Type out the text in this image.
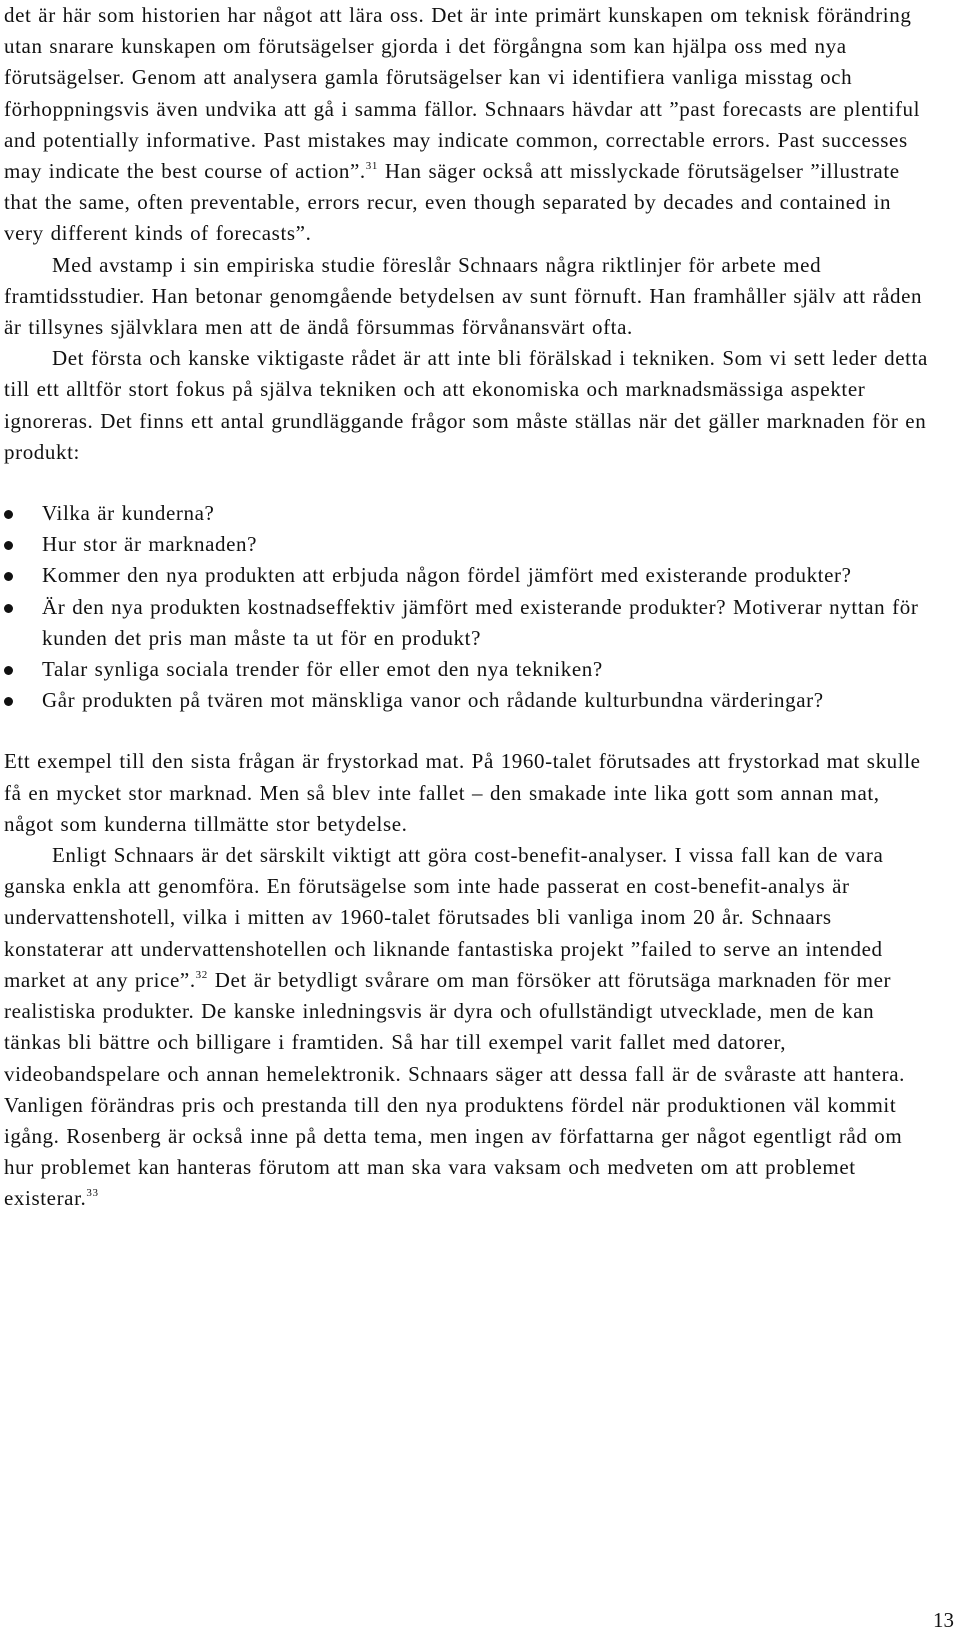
det är här som historien har något att lära oss. Det är inte primärt kunskapen om teknisk förändring utan snarare kunskapen om förutsägelser gjorda i det förgångna som kan hjälpa oss med nya förutsägelser. Genom att analysera gamla förutsägelser kan vi identifiera vanliga misstag och förhoppningsvis även undvika att gå i samma fällor. Schnaars hävdar att ”past forecasts are plentiful and potentially informative. Past mistakes may indicate common, correctable errors. Past successes may indicate the best course of action”.$^{31}$ Han säger också att misslyckade förutsägelser ”illustrate that the same, often preventable, errors recur, even though separated by decades and contained in very different kinds of forecasts”.

Med avstamp i sin empiriska studie föreslår Schnaars några riktlinjer för arbete med framtidsstudier. Han betonar genomgående betydelsen av sunt förnuft. Han framhåller själv att råden är tillsynes självklara men att de ändå försummas förvånansvärt ofta.

Det första och kanske viktigaste rådet är att inte bli förälskad i tekniken. Som vi sett leder detta till ett alltför stort fokus på själva tekniken och att ekonomiska och marknadsmässiga aspekter ignoreras. Det finns ett antal grundläggande frågor som måste ställas när det gäller marknaden för en produkt:

Vilka är kunderna?
Hur stor är marknaden?
Kommer den nya produkten att erbjuda någon fördel jämfört med existerande produkter?
Är den nya produkten kostnadseffektiv jämfört med existerande produkter? Motiverar nyttan för kunden det pris man måste ta ut för en produkt?
Talar synliga sociala trender för eller emot den nya tekniken?
Går produkten på tvären mot mänskliga vanor och rådande kulturbundna värderingar?

Ett exempel till den sista frågan är frystorkad mat. På 1960-talet förutsades att frystorkad mat skulle få en mycket stor marknad. Men så blev inte fallet – den smakade inte lika gott som annan mat, något som kunderna tillmätte stor betydelse.

Enligt Schnaars är det särskilt viktigt att göra cost-benefit-analyser. I vissa fall kan de vara ganska enkla att genomföra. En förutsägelse som inte hade passerat en cost-benefit-analys är undervattenshotell, vilka i mitten av 1960-talet förutsades bli vanliga inom 20 år. Schnaars konstaterar att undervattenshotellen och liknande fantastiska projekt ”failed to serve an intended market at any price”.$^{32}$ Det är betydligt svårare om man försöker att förutsäga marknaden för mer realistiska produkter. De kanske inledningsvis är dyra och ofullständigt utvecklade, men de kan tänkas bli bättre och billigare i framtiden. Så har till exempel varit fallet med datorer, videobandspelare och annan hemelektronik. Schnaars säger att dessa fall är de svåraste att hantera. Vanligen förändras pris och prestanda till den nya produktens fördel när produktionen väl kommit igång. Rosenberg är också inne på detta tema, men ingen av författarna ger något egentligt råd om hur problemet kan hanteras förutom att man ska vara vaksam och medveten om att problemet existerar.$^{33}$

13
